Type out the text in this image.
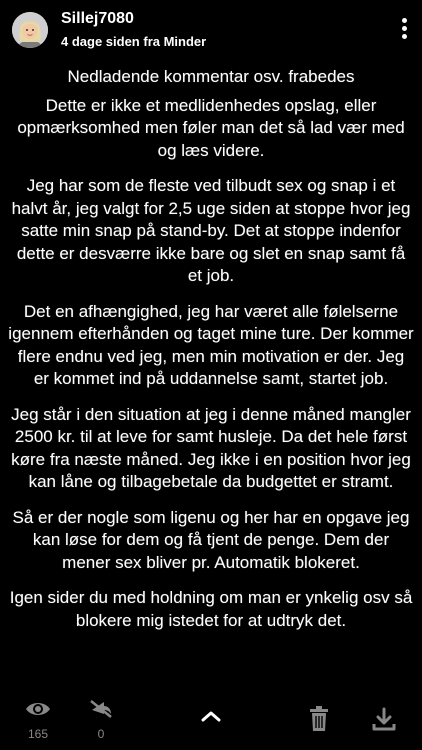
Sillej7080
4 dage siden fra Minder

Nedladende kommentar osv. frabedes

Dette er ikke et medlidenhedes opslag, eller opmærksomhed men føler man det så lad vær med og læs videre.

Jeg har som de fleste ved tilbudt sex og snap i et halvt år, jeg valgt for 2,5 uge siden at stoppe hvor jeg satte min snap på stand-by. Det at stoppe indenfor dette er desværre ikke bare og slet en snap samt få et job.

Det en afhængighed, jeg har været alle følelserne igennem efterhånden og taget mine ture. Der kommer flere endnu ved jeg, men min motivation er der. Jeg er kommet ind på uddannelse samt, startet job.

Jeg står i den situation at jeg i denne måned mangler 2500 kr. til at leve for samt husleje. Da det hele først køre fra næste måned. Jeg ikke i en position hvor jeg kan låne og tilbagebetale da budgettet er stramt.

Så er der nogle som ligenu og her har en opgave jeg kan løse for dem og få tjent de penge. Dem der mener sex bliver pr. Automatik blokeret.

Igen sider du med holdning om man er ynkelig osv så blokere mig istedet for at udtryk det.

165	0
